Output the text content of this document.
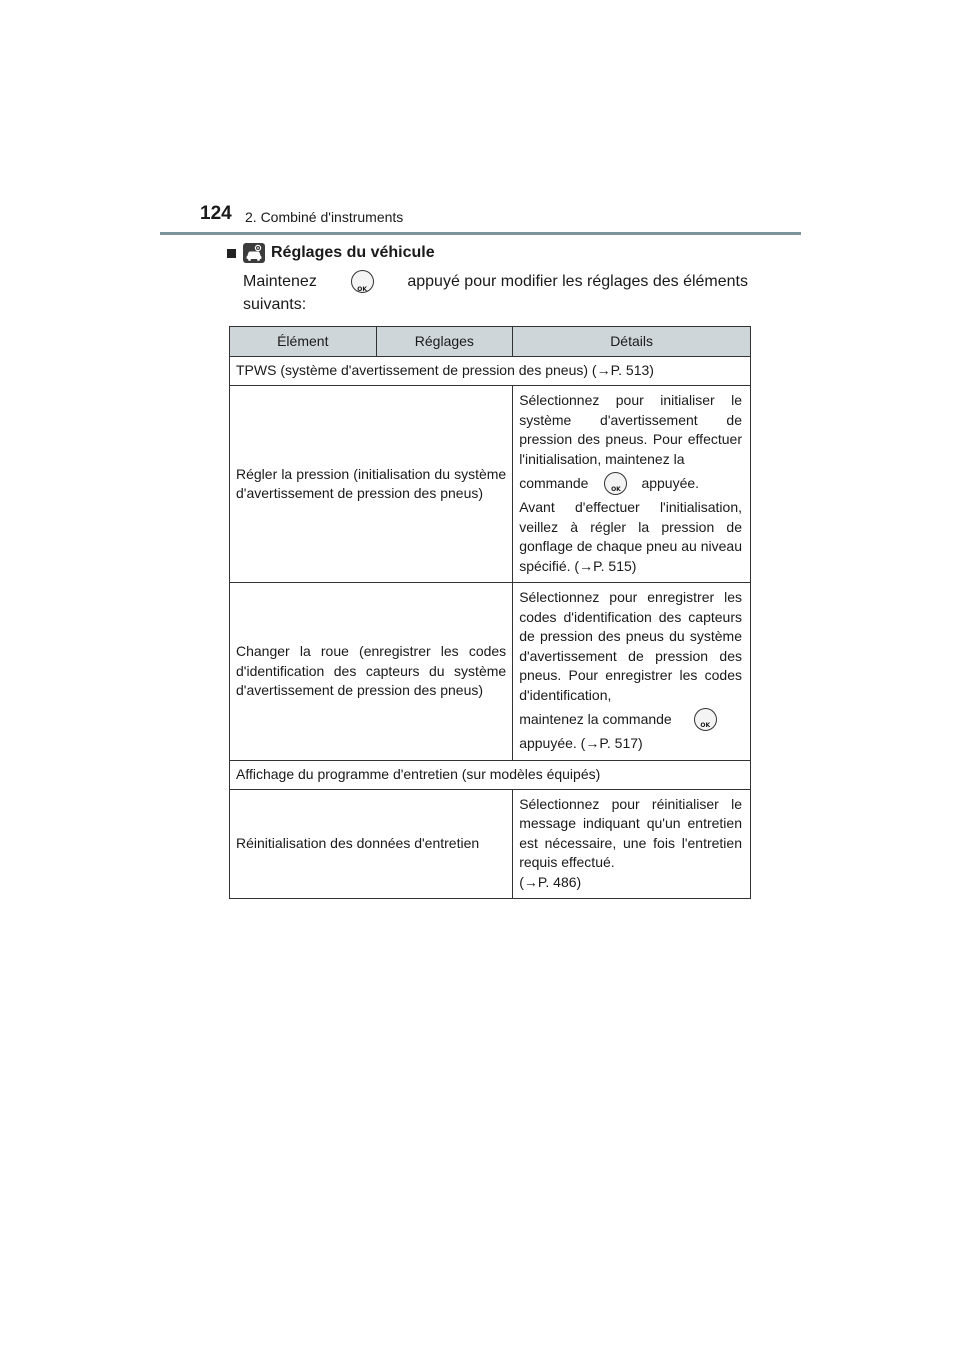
124 2. Combiné d'instruments
Réglages du véhicule
Maintenez	OK	appuyé pour modifier les réglages des éléments
suivants:
Élément	Réglages	Détails
TPWS (système d'avertissement de pression des pneus) (→P. 513)		
Régler la pression (initialisation du système d'avertissement de pression des pneus)		Sélectionnez pour initialiser le système d'avertissement de pression des pneus. Pour effectuer l'initialisation, maintenez la
commande OK appuyée.
Avant d'effectuer l'initialisation, veillez à régler la pression de gonflage de chaque pneu au niveau spécifié. (→P. 515)

Changer la roue (enregistrer les codes d'identification des capteurs du système d'avertissement de pression des pneus)		Sélectionnez pour enregistrer les codes d'identification des capteurs de pression des pneus du système d'avertissement de pression des pneus. Pour enregistrer les codes d'identification,
maintenez la commande OK
appuyée. (→P. 517)

Affichage du programme d'entretien (sur modèles équipés)		
Réinitialisation des données d'entretien		Sélectionnez pour réinitialiser le message indiquant qu'un entretien est nécessaire, une fois l'entretien requis effectué.
(→P. 486)
